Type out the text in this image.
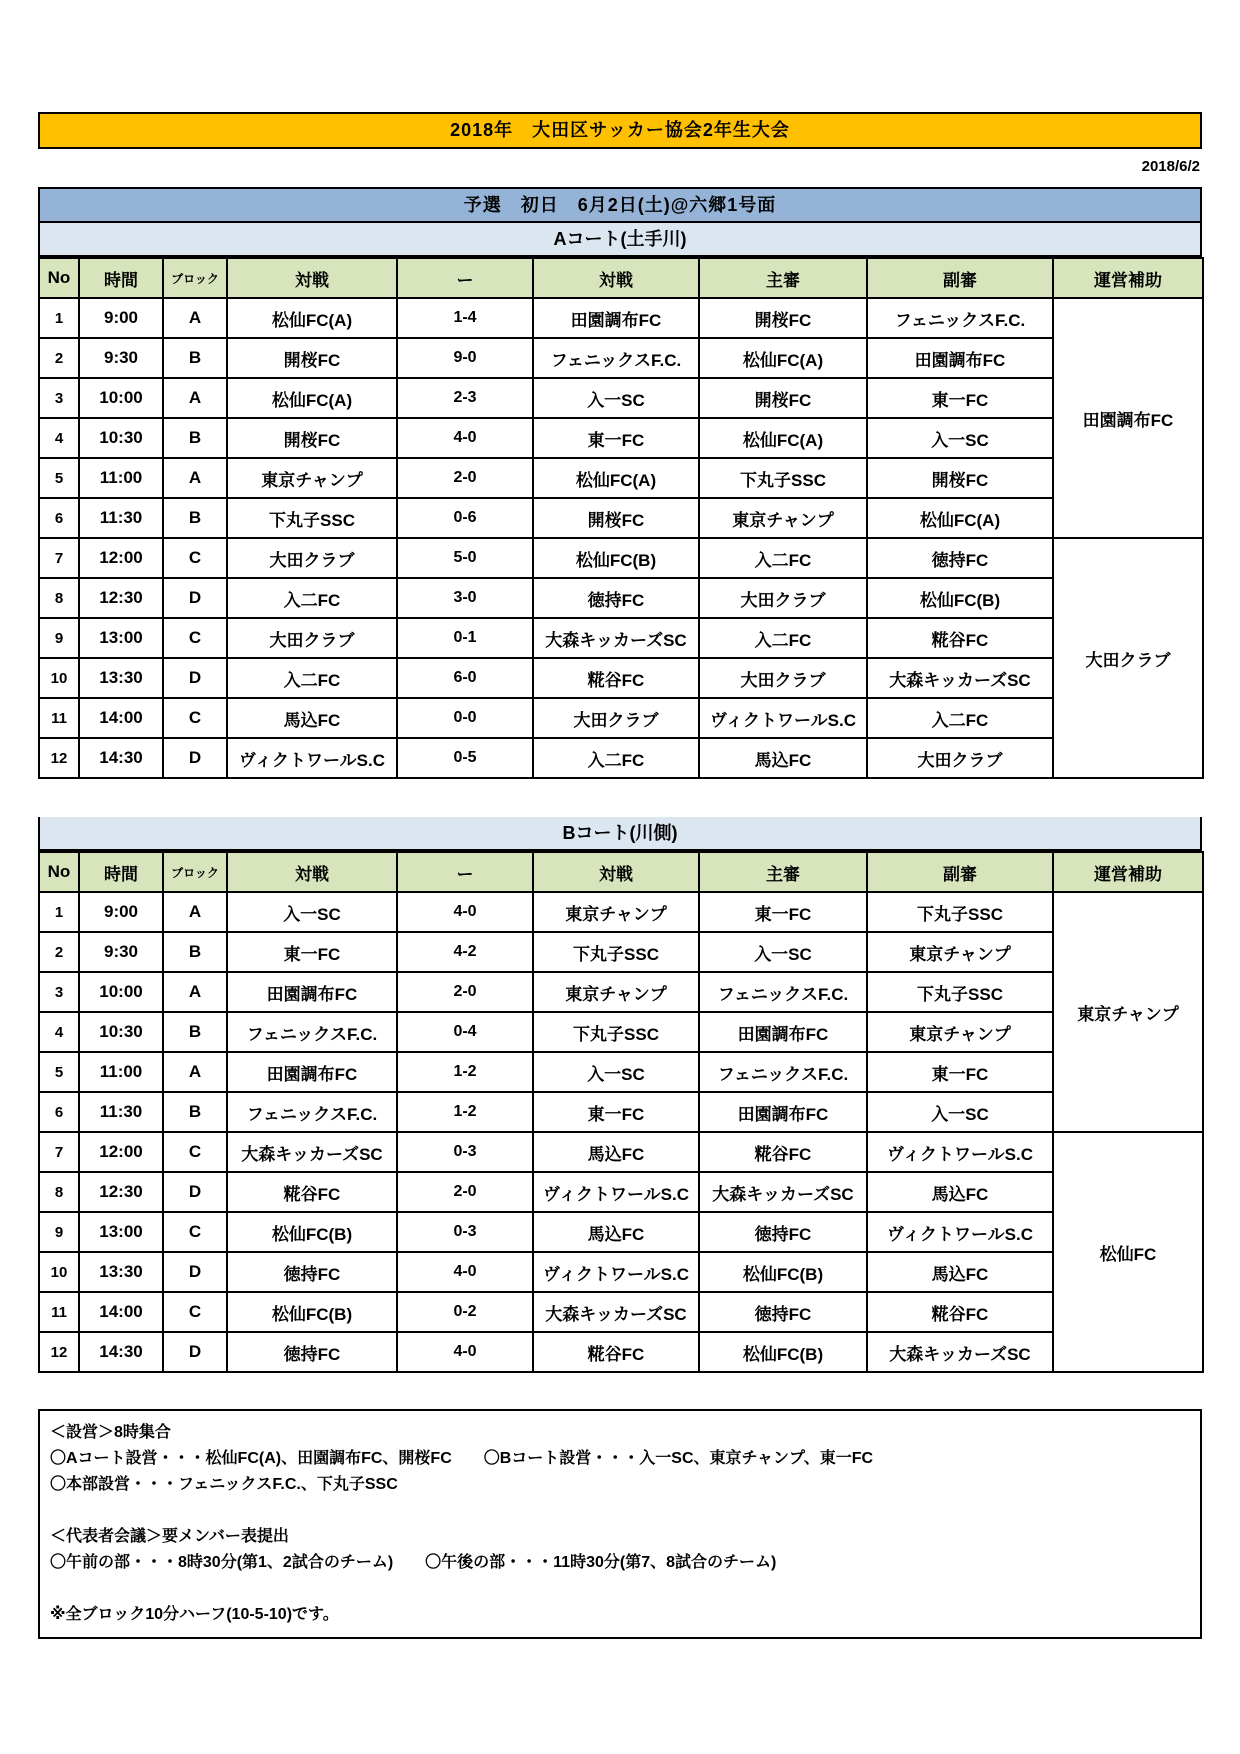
2018年　大田区サッカー協会2年生大会
2018/6/2
予選　初日　6月2日(土)@六郷1号面
Aコート(土手川)
No	時間	ブロック	対戦	ー	対戦	主審	副審	運営補助
1	9:00	A	松仙FC(A)	1-4	田園調布FC	開桜FC	フェニックスF.C.	田園調布FC
2	9:30	B	開桜FC	9-0	フェニックスF.C.	松仙FC(A)	田園調布FC	
3	10:00	A	松仙FC(A)	2-3	入一SC	開桜FC	東一FC	
4	10:30	B	開桜FC	4-0	東一FC	松仙FC(A)	入一SC	
5	11:00	A	東京チャンプ	2-0	松仙FC(A)	下丸子SSC	開桜FC	
6	11:30	B	下丸子SSC	0-6	開桜FC	東京チャンプ	松仙FC(A)	
7	12:00	C	大田クラブ	5-0	松仙FC(B)	入二FC	徳持FC	大田クラブ
8	12:30	D	入二FC	3-0	徳持FC	大田クラブ	松仙FC(B)	
9	13:00	C	大田クラブ	0-1	大森キッカーズSC	入二FC	糀谷FC	
10	13:30	D	入二FC	6-0	糀谷FC	大田クラブ	大森キッカーズSC	
11	14:00	C	馬込FC	0-0	大田クラブ	ヴィクトワールS.C	入二FC	
12	14:30	D	ヴィクトワールS.C	0-5	入二FC	馬込FC	大田クラブ	
Bコート(川側)
No	時間	ブロック	対戦	ー	対戦	主審	副審	運営補助
1	9:00	A	入一SC	4-0	東京チャンプ	東一FC	下丸子SSC	東京チャンプ
2	9:30	B	東一FC	4-2	下丸子SSC	入一SC	東京チャンプ	
3	10:00	A	田園調布FC	2-0	東京チャンプ	フェニックスF.C.	下丸子SSC	
4	10:30	B	フェニックスF.C.	0-4	下丸子SSC	田園調布FC	東京チャンプ	
5	11:00	A	田園調布FC	1-2	入一SC	フェニックスF.C.	東一FC	
6	11:30	B	フェニックスF.C.	1-2	東一FC	田園調布FC	入一SC	
7	12:00	C	大森キッカーズSC	0-3	馬込FC	糀谷FC	ヴィクトワールS.C	松仙FC
8	12:30	D	糀谷FC	2-0	ヴィクトワールS.C	大森キッカーズSC	馬込FC	
9	13:00	C	松仙FC(B)	0-3	馬込FC	徳持FC	ヴィクトワールS.C	
10	13:30	D	徳持FC	4-0	ヴィクトワールS.C	松仙FC(B)	馬込FC	
11	14:00	C	松仙FC(B)	0-2	大森キッカーズSC	徳持FC	糀谷FC	
12	14:30	D	徳持FC	4-0	糀谷FC	松仙FC(B)	大森キッカーズSC	
＜設営＞8時集合
〇Aコート設営・・・松仙FC(A)、田園調布FC、開桜FC　　〇Bコート設営・・・入一SC、東京チャンプ、東一FC
〇本部設営・・・フェニックスF.C.、下丸子SSC
＜代表者会議＞要メンバー表提出
〇午前の部・・・8時30分(第1、2試合のチーム)　　〇午後の部・・・11時30分(第7、8試合のチーム)
※全ブロック10分ハーフ(10-5-10)です。
